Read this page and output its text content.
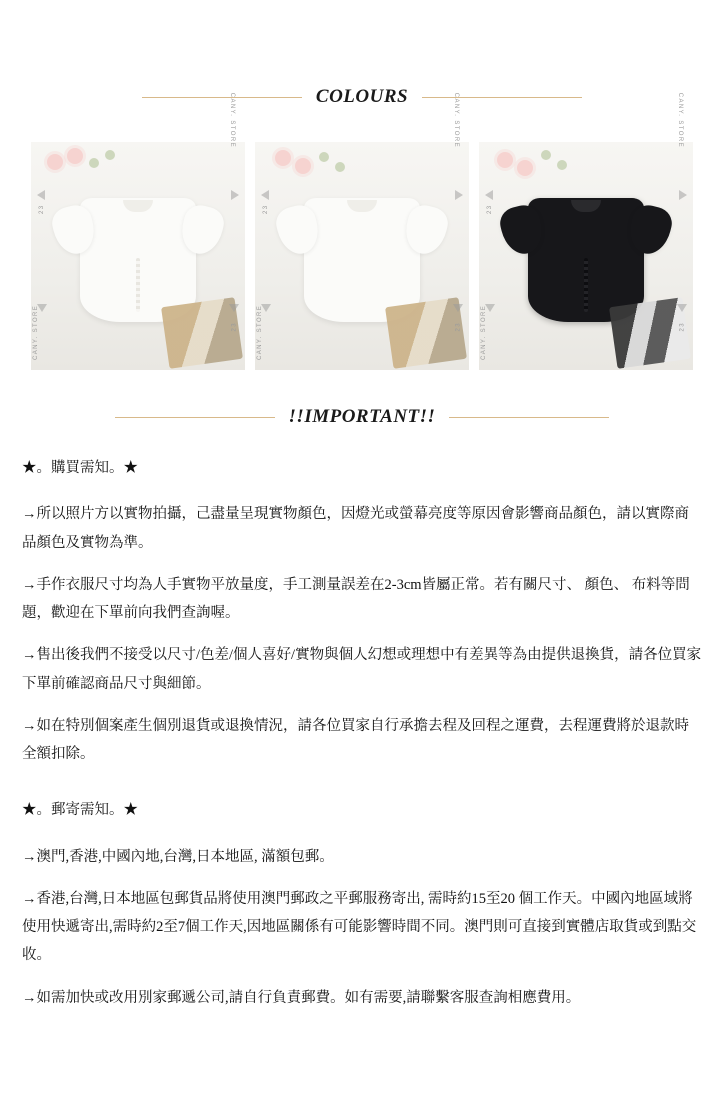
COLOURS
CANY. STORE
CANY. STORE
23
23
CANY. STORE
CANY. STORE
23
23
CANY. STORE
CANY. STORE
23
23
!!IMPORTANT!!

★。購買需知。★

→所以照片方以實物拍攝，己盡量呈現實物顏色，因燈光或螢幕亮度等原因會影響商品顏色，請以實際商品顏色及實物為準。

→手作衣服尺寸均為人手實物平放量度，手工測量誤差在2-3cm皆屬正常。若有關尺寸、 顏色、 布料等問題，歡迎在下單前向我們查詢喔。

→售出後我們不接受以尺寸/色差/個人喜好/實物與個人幻想或理想中有差異等為由提供退換貨，請各位買家下單前確認商品尺寸與細節。

→如在特別個案產生個別退貨或退換情況，請各位買家自行承擔去程及回程之運費，去程運費將於退款時全額扣除。

★。郵寄需知。★

→澳門,香港,中國內地,台灣,日本地區, 滿額包郵。

→香港,台灣,日本地區包郵貨品將使用澳門郵政之平郵服務寄出, 需時約15至20 個工作天。中國內地區域將使用快遞寄出,需時約2至7個工作天,因地區關係有可能影響時間不同。澳門則可直接到實體店取貨或到點交收。

→如需加快或改用別家郵遞公司,請自行負責郵費。如有需要,請聯繫客服查詢相應費用。
